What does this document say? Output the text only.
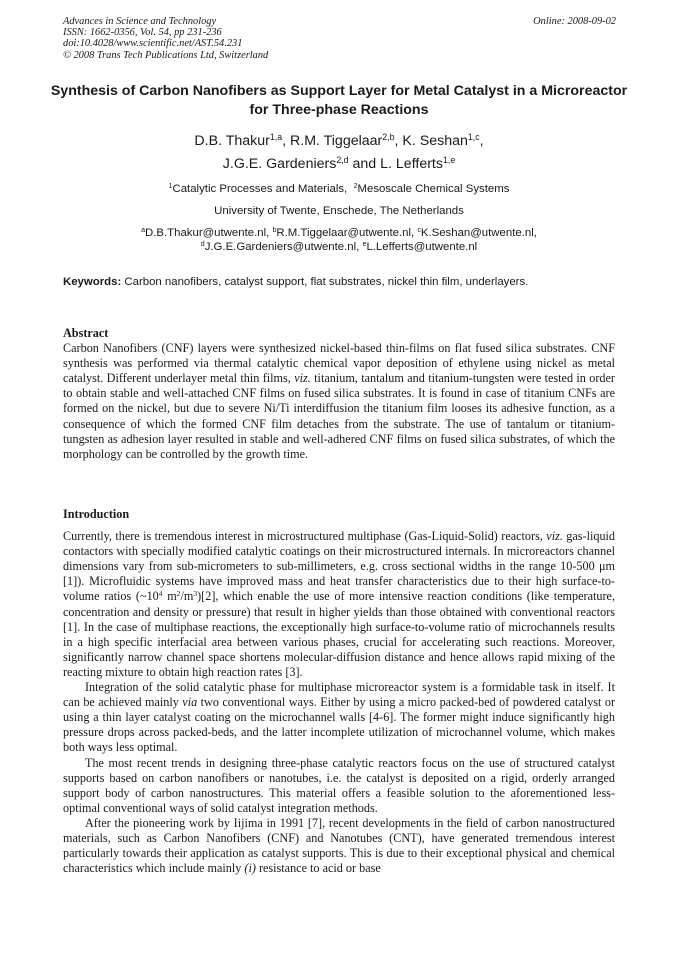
Advances in Science and Technology
ISSN: 1662-0356, Vol. 54, pp 231-236
doi:10.4028/www.scientific.net/AST.54.231
© 2008 Trans Tech Publications Ltd, Switzerland
Online: 2008-09-02
Synthesis of Carbon Nanofibers as Support Layer for Metal Catalyst in a Microreactor for Three-phase Reactions
D.B. Thakur$^{1,a}$, R.M. Tiggelaar$^{2,b}$, K. Seshan$^{1,c}$,
J.G.E. Gardeniers$^{2,d}$ and L. Lefferts$^{1,e}$
$^1$Catalytic Processes and Materials, $^2$Mesoscale Chemical Systems
University of Twente, Enschede, The Netherlands
$^a$D.B.Thakur@utwente.nl, $^b$R.M.Tiggelaar@utwente.nl, $^c$K.Seshan@utwente.nl,
$^d$J.G.E.Gardeniers@utwente.nl, $^e$L.Lefferts@utwente.nl
Keywords: Carbon nanofibers, catalyst support, flat substrates, nickel thin film, underlayers.
Abstract

Carbon Nanofibers (CNF) layers were synthesized nickel-based thin-films on flat fused silica substrates. CNF synthesis was performed via thermal catalytic chemical vapor deposition of ethylene using nickel as metal catalyst. Different underlayer metal thin films, viz. titanium, tantalum and titanium-tungsten were tested in order to obtain stable and well-attached CNF films on fused silica substrates. It is found in case of titanium CNFs are formed on the nickel, but due to severe Ni/Ti interdiffusion the titanium film looses its adhesive function, as a consequence of which the formed CNF film detaches from the substrate. The use of tantalum or titanium-tungsten as adhesion layer resulted in stable and well-adhered CNF films on fused silica substrates, of which the morphology can be controlled by the growth time.

Introduction

Currently, there is tremendous interest in microstructured multiphase (Gas-Liquid-Solid) reactors, viz. gas-liquid contactors with specially modified catalytic coatings on their microstructured internals. In microreactors channel dimensions vary from sub-micrometers to sub-millimeters, e.g. cross sectional widths in the range 10-500 μm [1]). Microfluidic systems have improved mass and heat transfer characteristics due to their high surface-to-volume ratios ($\sim 10^4$ $m^2/m^3)[2]$, which enable the use of more intensive reaction conditions (like temperature, concentration and density or pressure) that result in higher yields than those obtained with conventional reactors [1]. In the case of multiphase reactions, the exceptionally high surface-to-volume ratio of microchannels results in a high specific interfacial area between various phases, crucial for accelerating such reactions. Moreover, significantly narrow channel space shortens molecular-diffusion distance and hence allows rapid mixing of the reacting mixture to obtain high reaction rates [3].

Integration of the solid catalytic phase for multiphase microreactor system is a formidable task in itself. It can be achieved mainly via two conventional ways. Either by using a micro packed-bed of powdered catalyst or using a thin layer catalyst coating on the microchannel walls [4-6]. The former might induce significantly high pressure drops across packed-beds, and the latter incomplete utilization of microchannel volume, which makes both ways less optimal.

The most recent trends in designing three-phase catalytic reactors focus on the use of structured catalyst supports based on carbon nanofibers or nanotubes, i.e. the catalyst is deposited on a rigid, orderly arranged support body of carbon nanostructures. This material offers a feasible solution to the aforementioned less-optimal conventional ways of solid catalyst integration methods.

After the pioneering work by Iijima in 1991 [7], recent developments in the field of carbon nanostructured materials, such as Carbon Nanofibers (CNF) and Nanotubes (CNT), have generated tremendous interest particularly towards their application as catalyst supports. This is due to their exceptional physical and chemical characteristics which include mainly (i) resistance to acid or base
